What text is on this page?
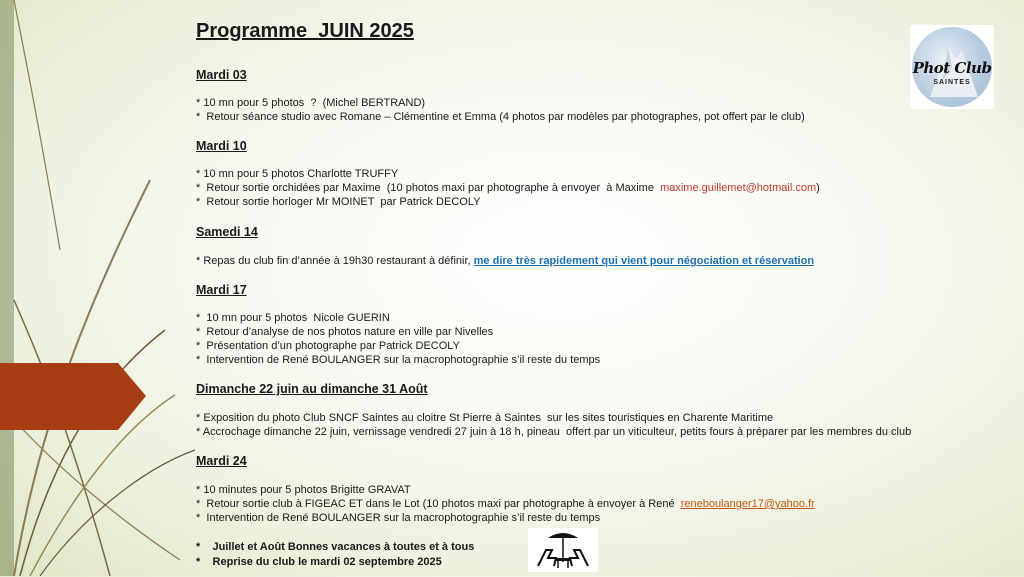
Phot Club
SAINTES
Programme  JUIN 2025
Mardi 03
* 10 mn pour 5 photos  ?  (Michel BERTRAND)
*  Retour séance studio avec Romane – Clémentine et Emma (4 photos par modèles par photographes, pot offert par le club)
Mardi 10
* 10 mn pour 5 photos Charlotte TRUFFY
*  Retour sortie orchidées par Maxime  (10 photos maxi par photographe à envoyer  à Maxime  maxime.guillemet@hotmail.com)
*  Retour sortie horloger Mr MOINET  par Patrick DECOLY
Samedi 14
* Repas du club fin d’année à 19h30 restaurant à définir, me dire très rapidement qui vient pour négociation et réservation
Mardi 17
*  10 mn pour 5 photos  Nicole GUERIN
*  Retour d’analyse de nos photos nature en ville par Nivelles
*  Présentation d’un photographe par Patrick DECOLY
*  Intervention de René BOULANGER sur la macrophotographie s’il reste du temps
Dimanche 22 juin au dimanche 31 Août
* Exposition du photo Club SNCF Saintes au cloitre St Pierre à Saintes  sur les sites touristiques en Charente Maritime
* Accrochage dimanche 22 juin, vernissage vendredi 27 juin à 18 h, pineau  offert par un viticulteur, petits fours à préparer par les membres du club
Mardi 24
* 10 minutes pour 5 photos Brigitte GRAVAT
*  Retour sortie club à FIGEAC ET dans le Lot (10 photos maxi par photographe à envoyer à René  reneboulanger17@yahoo.fr
*  Intervention de René BOULANGER sur la macrophotographie s’il reste du temps
*    Juillet et Août Bonnes vacances à toutes et à tous
*    Reprise du club le mardi 02 septembre 2025
